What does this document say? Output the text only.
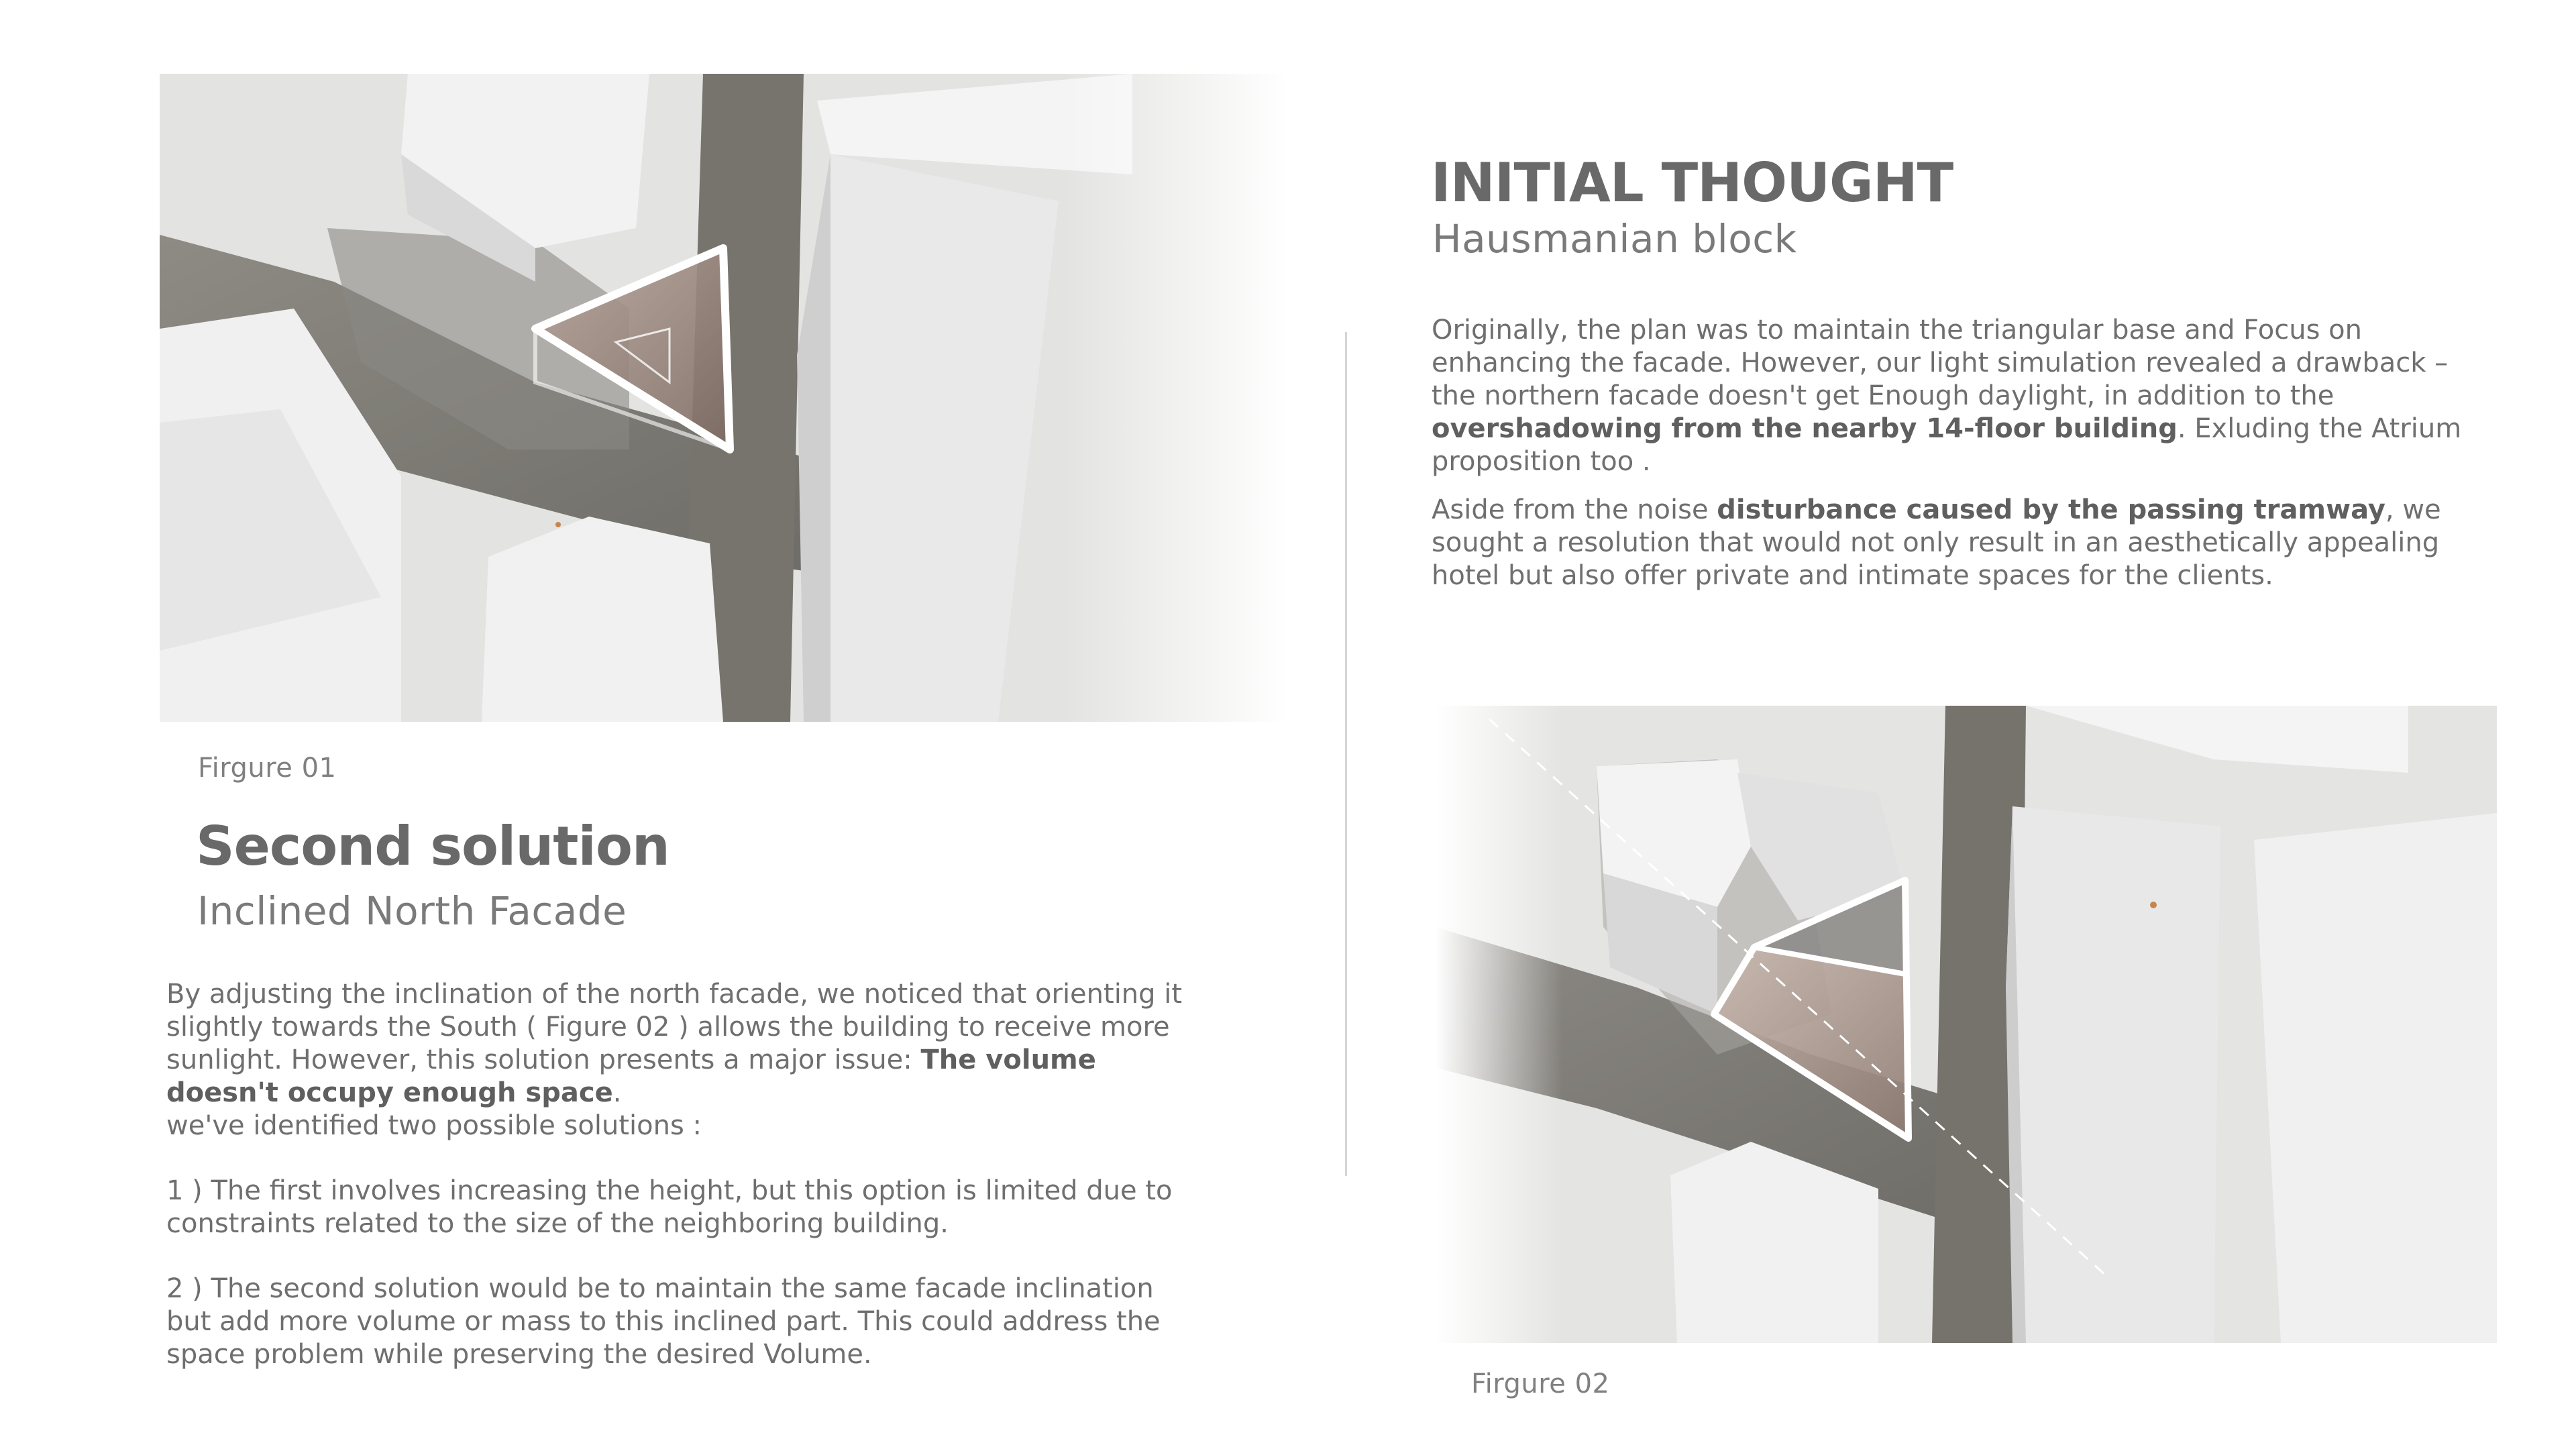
Firgure 01
INITIAL THOUGHT
Hausmanian block
Originally, the plan was to maintain the triangular base and Focus on enhancing the facade. However, our light simulation revealed a drawback – the northern facade doesn't get Enough daylight, in addition to the overshadowing from the nearby 14-floor building. Exluding the Atrium proposition too .
Aside from the noise disturbance caused by the passing tramway, we sought a resolution that would not only result in an aesthetically appealing hotel but also offer private and intimate spaces for the clients.
Firgure 02
Second solution
Inclined North Facade
By adjusting the inclination of the north facade, we noticed that orienting it slightly towards the South ( Figure 02 ) allows the building to receive more sunlight. However, this solution presents a major issue: The volume doesn't occupy enough space.
we've identified two possible solutions :
1 ) The first involves increasing the height, but this option is limited due to constraints related to the size of the neighboring building.
2 ) The second solution would be to maintain the same facade inclination but add more volume or mass to this inclined part. This could address the space problem while preserving the desired Volume.
